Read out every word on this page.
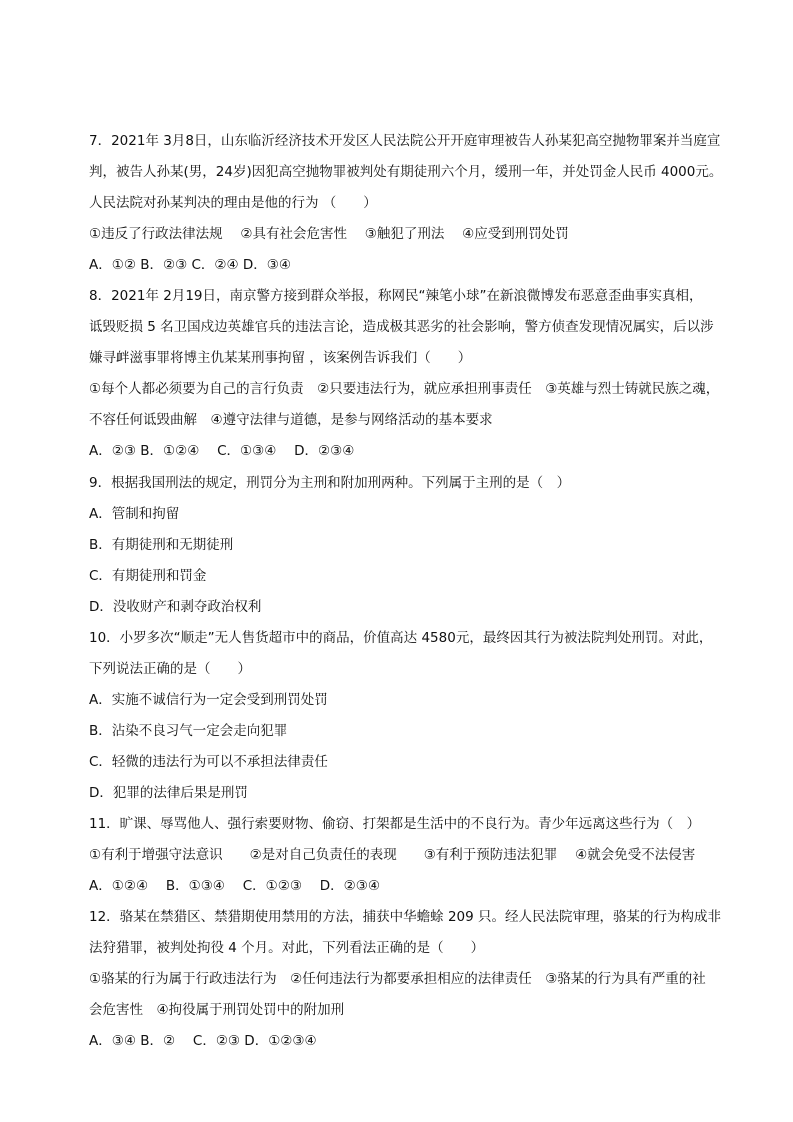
7．2021年 3月8日，山东临沂经济技术开发区人民法院公开开庭审理被告人孙某犯高空抛物罪案并当庭宣

判，被告人孙某(男，24岁)因犯高空抛物罪被判处有期徒刑六个月，缓刑一年，并处罚金人民币 4000元。

人民法院对孙某判决的理由是他的行为 （　　）

①违反了行政法律法规　 ②具有社会危害性　 ③触犯了刑法　 ④应受到刑罚处罚

A．①② B．②③ C．②④ D．③④

8．2021年 2月19日，南京警方接到群众举报，称网民“辣笔小球”在新浪微博发布恶意歪曲事实真相，

诋毁贬损 5 名卫国戍边英雄官兵的违法言论，造成极其恶劣的社会影响，警方侦查发现情况属实，后以涉

嫌寻衅滋事罪将博主仇某某刑事拘留 ，该案例告诉我们（　　）

①每个人都必须要为自己的言行负责　②只要违法行为，就应承担刑事责任　③英雄与烈士铸就民族之魂，

不容任何诋毁曲解　④遵守法律与道德，是参与网络活动的基本要求

A．②③ B．①②④　 C．①③④　 D．②③④

9．根据我国刑法的规定，刑罚分为主刑和附加刑两种。下列属于主刑的是（　）

A．管制和拘留

B．有期徒刑和无期徒刑

C．有期徒刑和罚金

D．没收财产和剥夺政治权利

10．小罗多次“顺走”无人售货超市中的商品，价值高达 4580元，最终因其行为被法院判处刑罚。对此，

下列说法正确的是（　　）

A．实施不诚信行为一定会受到刑罚处罚

B．沾染不良习气一定会走向犯罪

C．轻微的违法行为可以不承担法律责任

D．犯罪的法律后果是刑罚

11．旷课、辱骂他人、强行索要财物、偷窃、打架都是生活中的不良行为。青少年远离这些行为（　）

①有利于增强守法意识　　②是对自己负责任的表现　　③有利于预防违法犯罪　 ④就会免受不法侵害

A．①②④　 B．①③④　 C．①②③　 D．②③④

12．骆某在禁猎区、禁猎期使用禁用的方法，捕获中华蟾蜍 209 只。经人民法院审理，骆某的行为构成非

法狩猎罪，被判处拘役 4 个月。对此，下列看法正确的是（　　）

①骆某的行为属于行政违法行为　②任何违法行为都要承担相应的法律责任　③骆某的行为具有严重的社

会危害性　④拘役属于刑罚处罚中的附加刑

A．③④ B．②　 C．②③ D．①②③④
